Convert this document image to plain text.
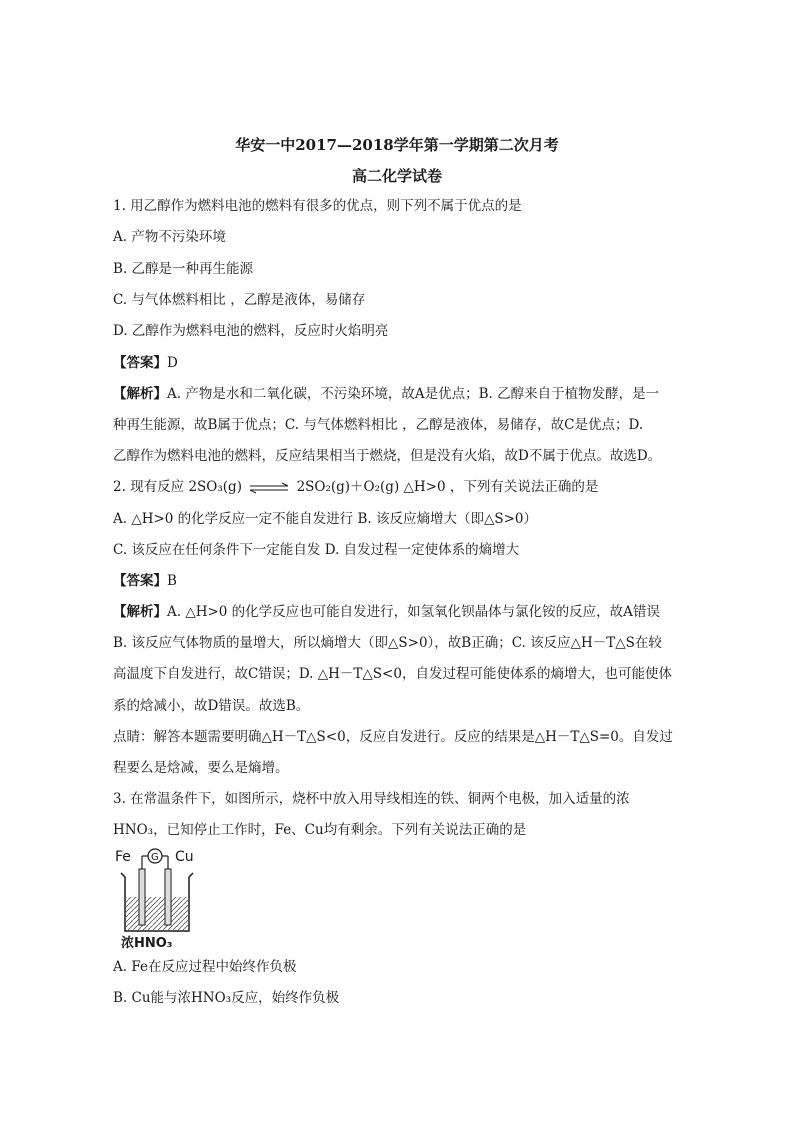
华安一中2017—2018学年第一学期第二次月考
高二化学试卷
1. 用乙醇作为燃料电池的燃料有很多的优点，则下列不属于优点的是
A. 产物不污染环境
B. 乙醇是一种再生能源
C. 与气体燃料相比 ，乙醇是液体，易储存
D. 乙醇作为燃料电池的燃料，反应时火焰明亮
【答案】D
【解析】A. 产物是水和二氧化碳，不污染环境，故A是优点；B. 乙醇来自于植物发酵，是一
种再生能源，故B属于优点；C. 与气体燃料相比 ，乙醇是液体，易储存，故C是优点；D.
乙醇作为燃料电池的燃料，反应结果相当于燃烧，但是没有火焰，故D不属于优点。故选D。
2. 现有反应 2SO₃(g) ⇌ 2SO₂(g)＋O₂(g) △H>0 ，下列有关说法正确的是
A. △H>0 的化学反应一定不能自发进行 B. 该反应熵增大（即△S>0）
C. 该反应在任何条件下一定能自发 D. 自发过程一定使体系的熵增大
【答案】B
【解析】A. △H>0 的化学反应也可能自发进行，如氢氧化钡晶体与氯化铵的反应，故A错误
B. 该反应气体物质的量增大，所以熵增大（即△S>0），故B正确；C. 该反应△H－T△S在较
高温度下自发进行，故C错误；D. △H－T△S<0，自发过程可能使体系的熵增大，也可能使体
系的焓减小，故D错误。故选B。
点睛：解答本题需要明确△H－T△S<0，反应自发进行。反应的结果是△H－T△S=0。自发过
程要么是焓减，要么是熵增。
3. 在常温条件下，如图所示，烧杯中放入用导线相连的铁、铜两个电极，加入适量的浓
HNO₃，已知停止工作时，Fe、Cu均有剩余。下列有关说法正确的是
Fe	Cu
G
浓HNO₃
A. Fe在反应过程中始终作负极
B. Cu能与浓HNO₃反应，始终作负极
